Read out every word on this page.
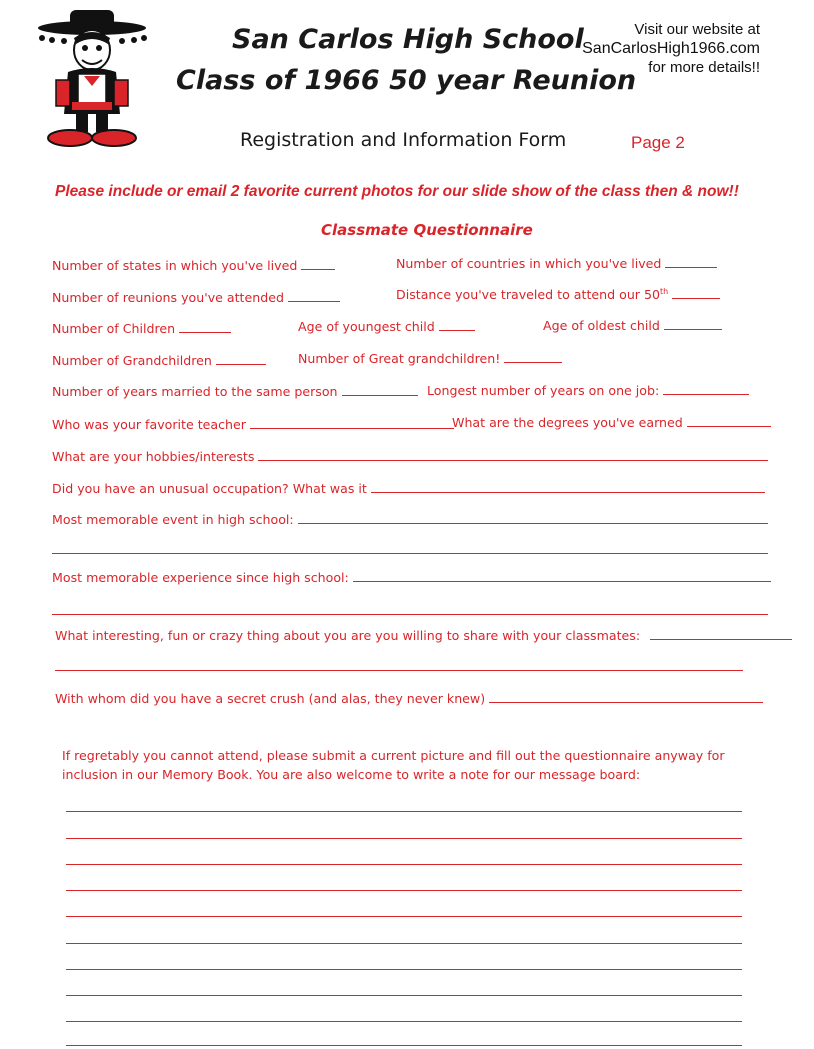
San Carlos High School
Class of 1966 50 year Reunion
Registration and Information Form	Page 2
Visit our website at
SanCarlosHigh1966.com
for more details!!
Please include or email 2 favorite current photos for our slide show of the class then & now!!
Classmate Questionnaire
Number of states in which you've lived	Number of countries in which you've lived
Number of reunions you've attended	Distance you've traveled to attend our 50th
Number of Children	Age of youngest child	Age of oldest child
Number of Grandchildren	Number of Great grandchildren!
Number of years married to the same person	Longest number of years on one job:
Who was your favorite teacher	What are the degrees you've earned
What are your hobbies/interests
Did you have an unusual occupation? What was it
Most memorable event in high school:
Most memorable experience since high school:
What interesting, fun or crazy thing about you are you willing to share with your classmates:
With whom did you have a secret crush (and alas, they never knew)
If regretably you cannot attend, please submit a current picture and fill out the questionnaire anyway for inclusion in our Memory Book. You are also welcome to write a note for our message board:
